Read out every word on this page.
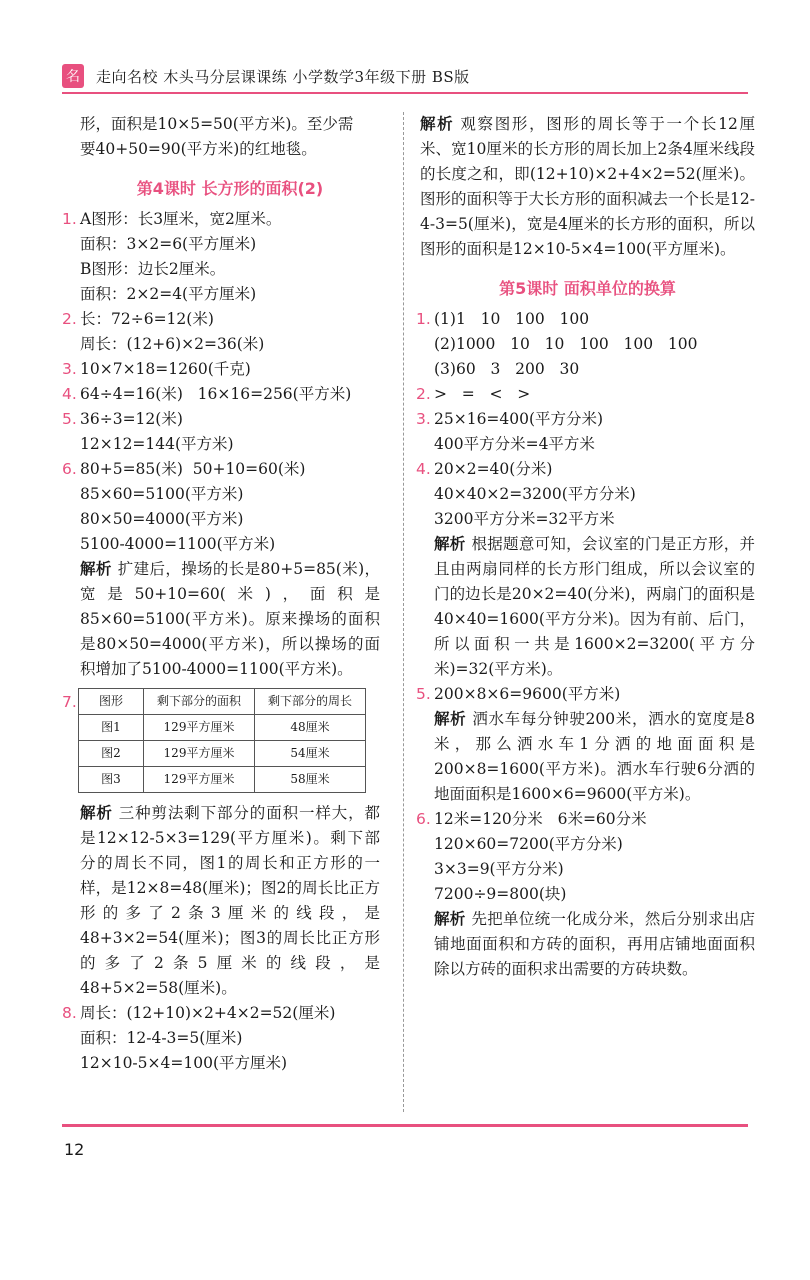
名 走向名校 木头马分层课课练 小学数学3年级下册 BS版
形，面积是10×5=50(平方米)。至少需
要40+50=90(平方米)的红地毯。
第4课时 长方形的面积(2)
1. A图形：长3厘米，宽2厘米。
面积：3×2=6(平方厘米)
B图形：边长2厘米。
面积：2×2=4(平方厘米)
2. 长：72÷6=12(米)
周长：(12+6)×2=36(米)
3. 10×7×18=1260(千克)
4. 64÷4=16(米)   16×16=256(平方米)
5. 36÷3=12(米)
12×12=144(平方米)
6. 80+5=85(米)  50+10=60(米)
85×60=5100(平方米)
80×50=4000(平方米)
5100-4000=1100(平方米)
解析 扩建后，操场的长是80+5=85(米)，宽是50+10=60(米)，面积是85×60=5100(平方米)。原来操场的面积是80×50=4000(平方米)，所以操场的面积增加了5100-4000=1100(平方米)。
7. 图形	剩下部分的面积	剩下部分的周长
图1	129平方厘米	48厘米
图2	129平方厘米	54厘米
图3	129平方厘米	58厘米
解析 三种剪法剩下部分的面积一样大，都是12×12-5×3=129(平方厘米)。剩下部分的周长不同，图1的周长和正方形的一样，是12×8=48(厘米)；图2的周长比正方形的多了2条3厘米的线段，是48+3×2=54(厘米)；图3的周长比正方形的多了2条5厘米的线段，是48+5×2=58(厘米)。
8. 周长：(12+10)×2+4×2=52(厘米)
面积：12-4-3=5(厘米)
12×10-5×4=100(平方厘米)
解析 观察图形，图形的周长等于一个长12厘米、宽10厘米的长方形的周长加上2条4厘米线段的长度之和，即(12+10)×2+4×2=52(厘米)。图形的面积等于大长方形的面积减去一个长是12-4-3=5(厘米)，宽是4厘米的长方形的面积，所以图形的面积是12×10-5×4=100(平方厘米)。
第5课时 面积单位的换算
1. (1)1   10   100   100
(2)1000   10   10   100   100   100
(3)60   3   200   30
2. >   =   <   >
3. 25×16=400(平方分米)
400平方分米=4平方米
4. 20×2=40(分米)
40×40×2=3200(平方分米)
3200平方分米=32平方米
解析 根据题意可知，会议室的门是正方形，并且由两扇同样的长方形门组成，所以会议室的门的边长是20×2=40(分米)，两扇门的面积是40×40=1600(平方分米)。因为有前、后门，所以面积一共是1600×2=3200(平方分米)=32(平方米)。
5. 200×8×6=9600(平方米)
解析 洒水车每分钟驶200米，洒水的宽度是8米，那么洒水车1分洒的地面面积是200×8=1600(平方米)。洒水车行驶6分洒的地面面积是1600×6=9600(平方米)。
6. 12米=120分米   6米=60分米
120×60=7200(平方分米)
3×3=9(平方分米)
7200÷9=800(块)
解析 先把单位统一化成分米，然后分别求出店铺地面面积和方砖的面积，再用店铺地面面积除以方砖的面积求出需要的方砖块数。
12
